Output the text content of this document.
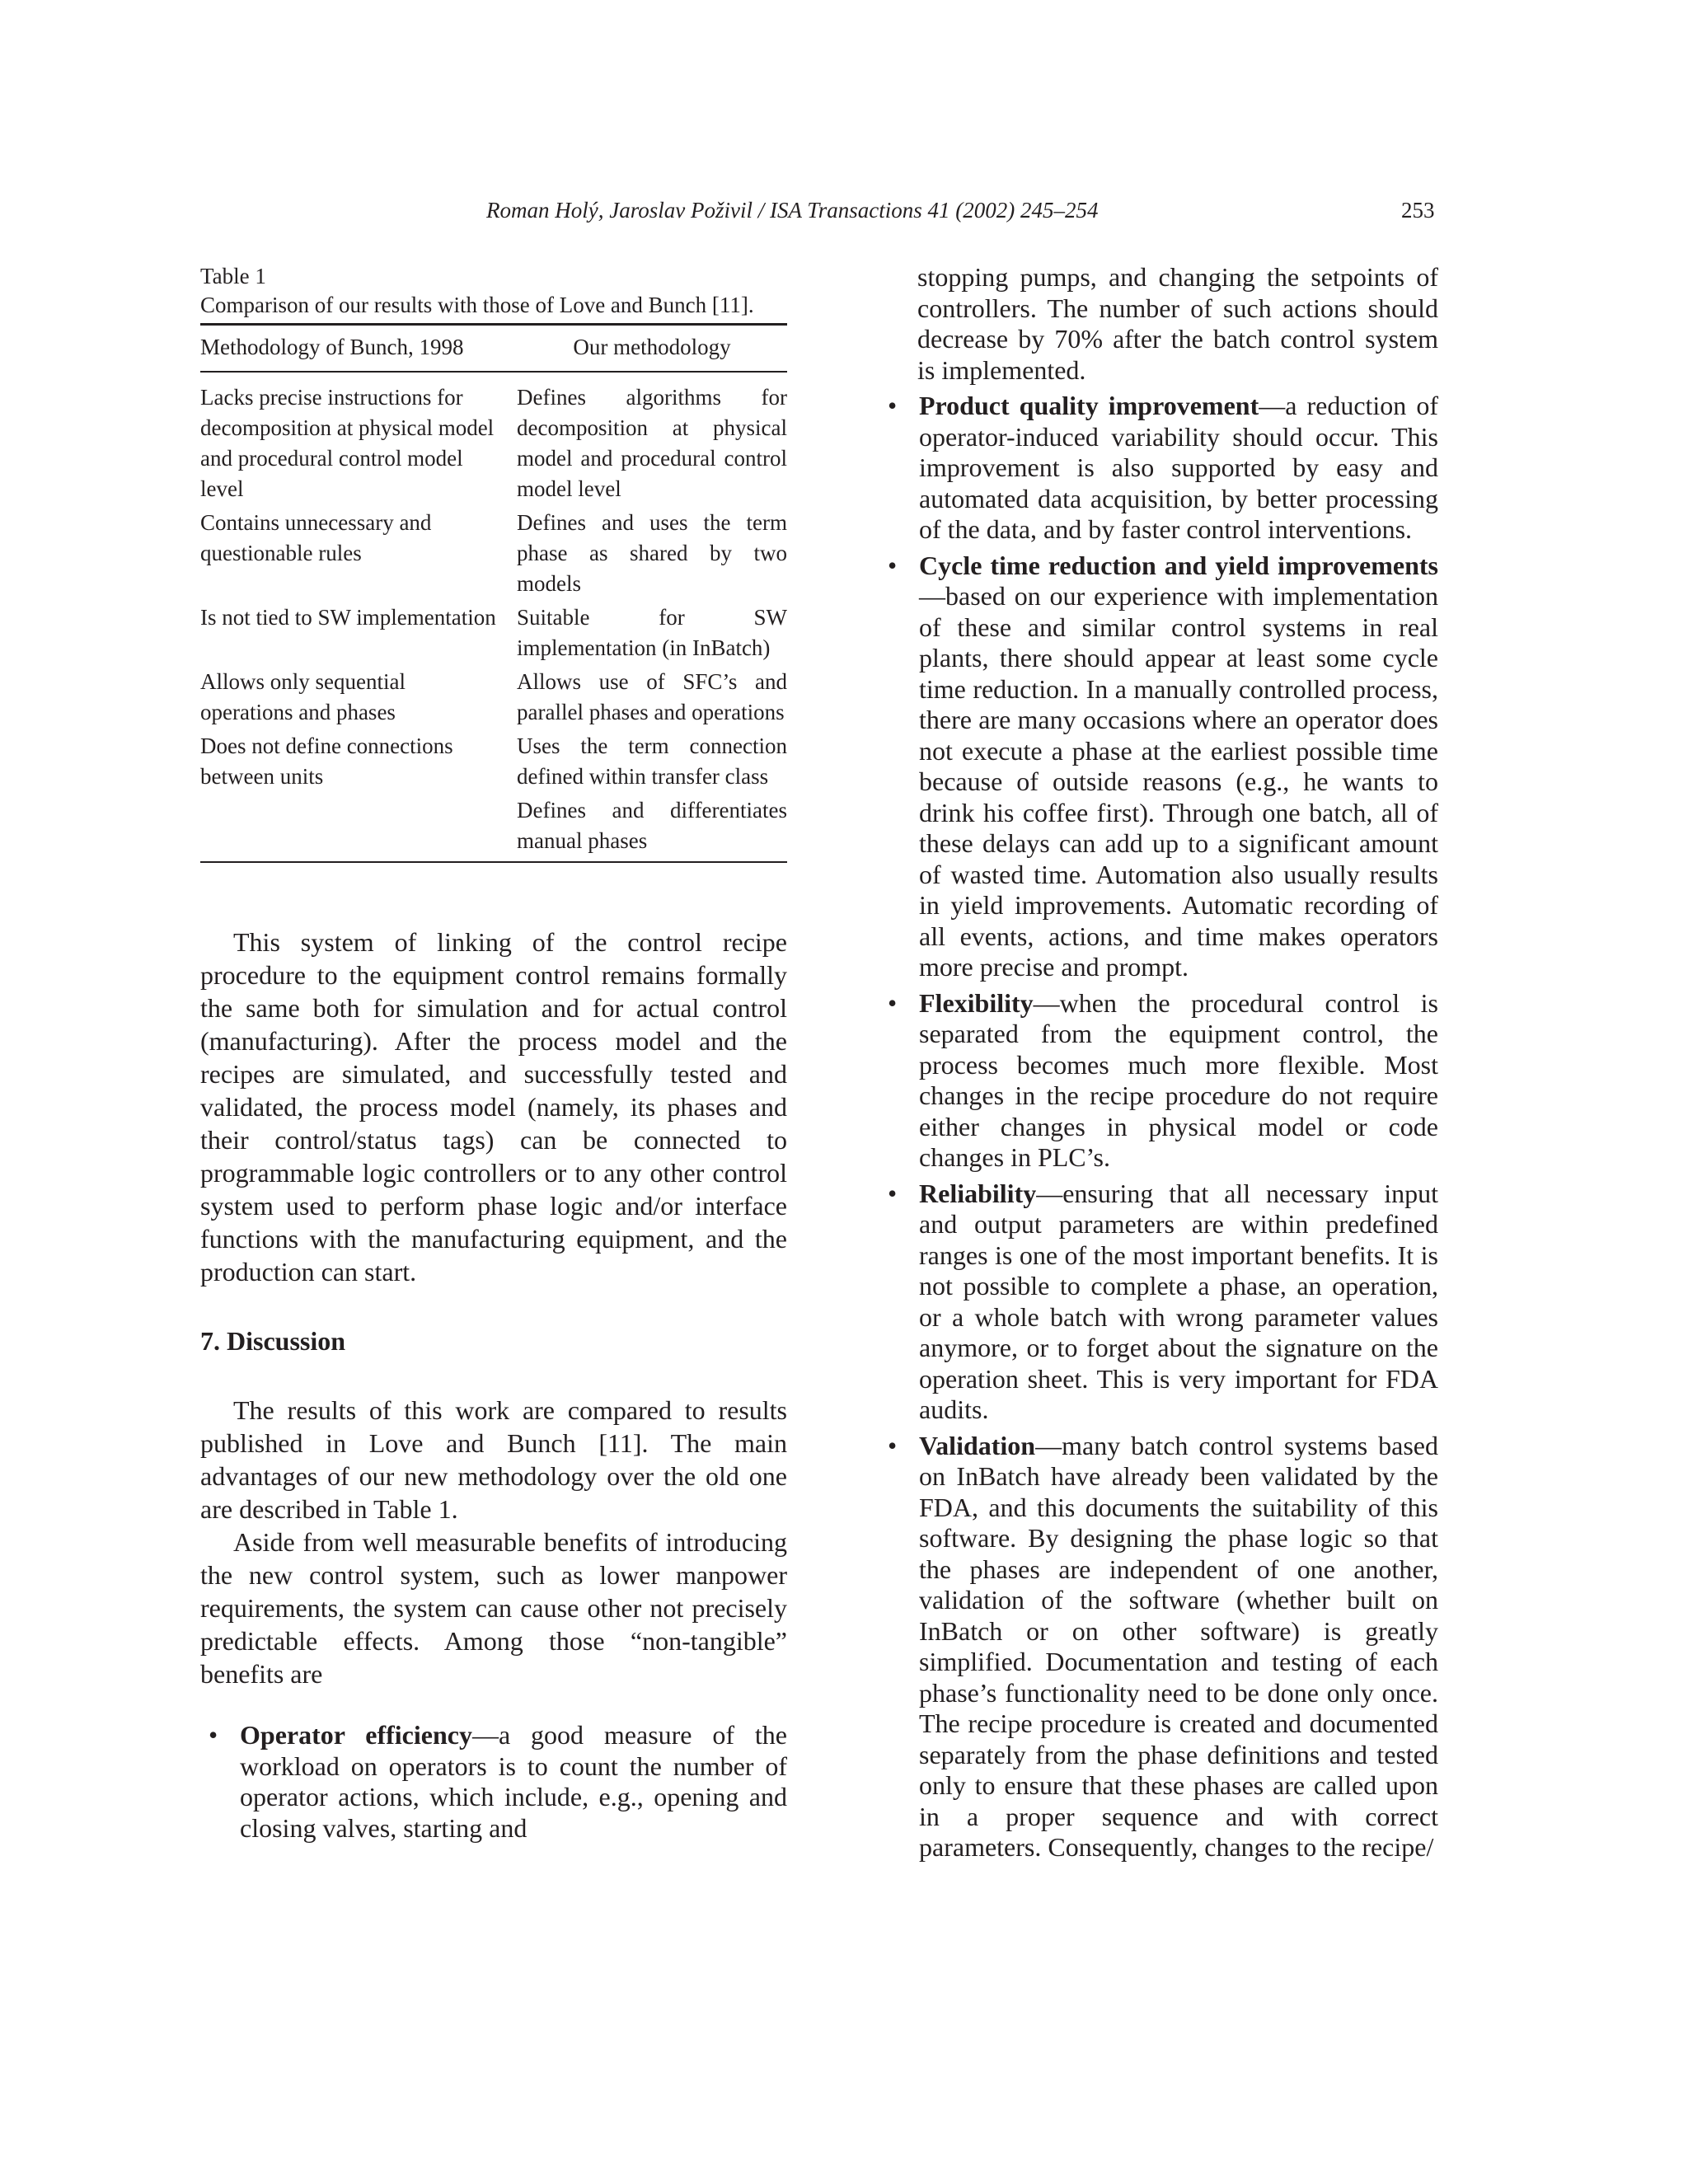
Roman Holý, Jaroslav Poživil / ISA Transactions 41 (2002) 245–254	253

Table 1

Comparison of our results with those of Love and Bunch [11].

Methodology of Bunch, 1998	Our methodology
Lacks precise instructions for decomposition at physical model and procedural control model level	Defines algorithms for decomposition at physical model and procedural control model level
Contains unnecessary and questionable rules	Defines and uses the term phase as shared by two models
Is not tied to SW implementation	Suitable for SW implementation (in InBatch)
Allows only sequential operations and phases	Allows use of SFC’s and parallel phases and operations
Does not define connections between units	Uses the term connection defined within transfer class
	Defines and differentiates manual phases

This system of linking of the control recipe procedure to the equipment control remains formally the same both for simulation and for actual control (manufacturing). After the process model and the recipes are simulated, and successfully tested and validated, the process model (namely, its phases and their control/status tags) can be connected to programmable logic controllers or to any other control system used to perform phase logic and/or interface functions with the manufacturing equipment, and the production can start.

7. Discussion

The results of this work are compared to results published in Love and Bunch [11]. The main advantages of our new methodology over the old one are described in Table 1.

Aside from well measurable benefits of introducing the new control system, such as lower manpower requirements, the system can cause other not precisely predictable effects. Among those “non-tangible” benefits are

• Operator efficiency—a good measure of the workload on operators is to count the number of operator actions, which include, e.g., opening and closing valves, starting and

stopping pumps, and changing the setpoints of controllers. The number of such actions should decrease by 70% after the batch control system is implemented.

• Product quality improvement—a reduction of operator-induced variability should occur. This improvement is also supported by easy and automated data acquisition, by better processing of the data, and by faster control interventions.
• Cycle time reduction and yield improvements—based on our experience with implementation of these and similar control systems in real plants, there should appear at least some cycle time reduction. In a manually controlled process, there are many occasions where an operator does not execute a phase at the earliest possible time because of outside reasons (e.g., he wants to drink his coffee first). Through one batch, all of these delays can add up to a significant amount of wasted time. Automation also usually results in yield improvements. Automatic recording of all events, actions, and time makes operators more precise and prompt.
• Flexibility—when the procedural control is separated from the equipment control, the process becomes much more flexible. Most changes in the recipe procedure do not require either changes in physical model or code changes in PLC’s.
• Reliability—ensuring that all necessary input and output parameters are within predefined ranges is one of the most important benefits. It is not possible to complete a phase, an operation, or a whole batch with wrong parameter values anymore, or to forget about the signature on the operation sheet. This is very important for FDA audits.
• Validation—many batch control systems based on InBatch have already been validated by the FDA, and this documents the suitability of this software. By designing the phase logic so that the phases are independent of one another, validation of the software (whether built on InBatch or on other software) is greatly simplified. Documentation and testing of each phase’s functionality need to be done only once. The recipe procedure is created and documented separately from the phase definitions and tested only to ensure that these phases are called upon in a proper sequence and with correct parameters. Consequently, changes to the recipe/
